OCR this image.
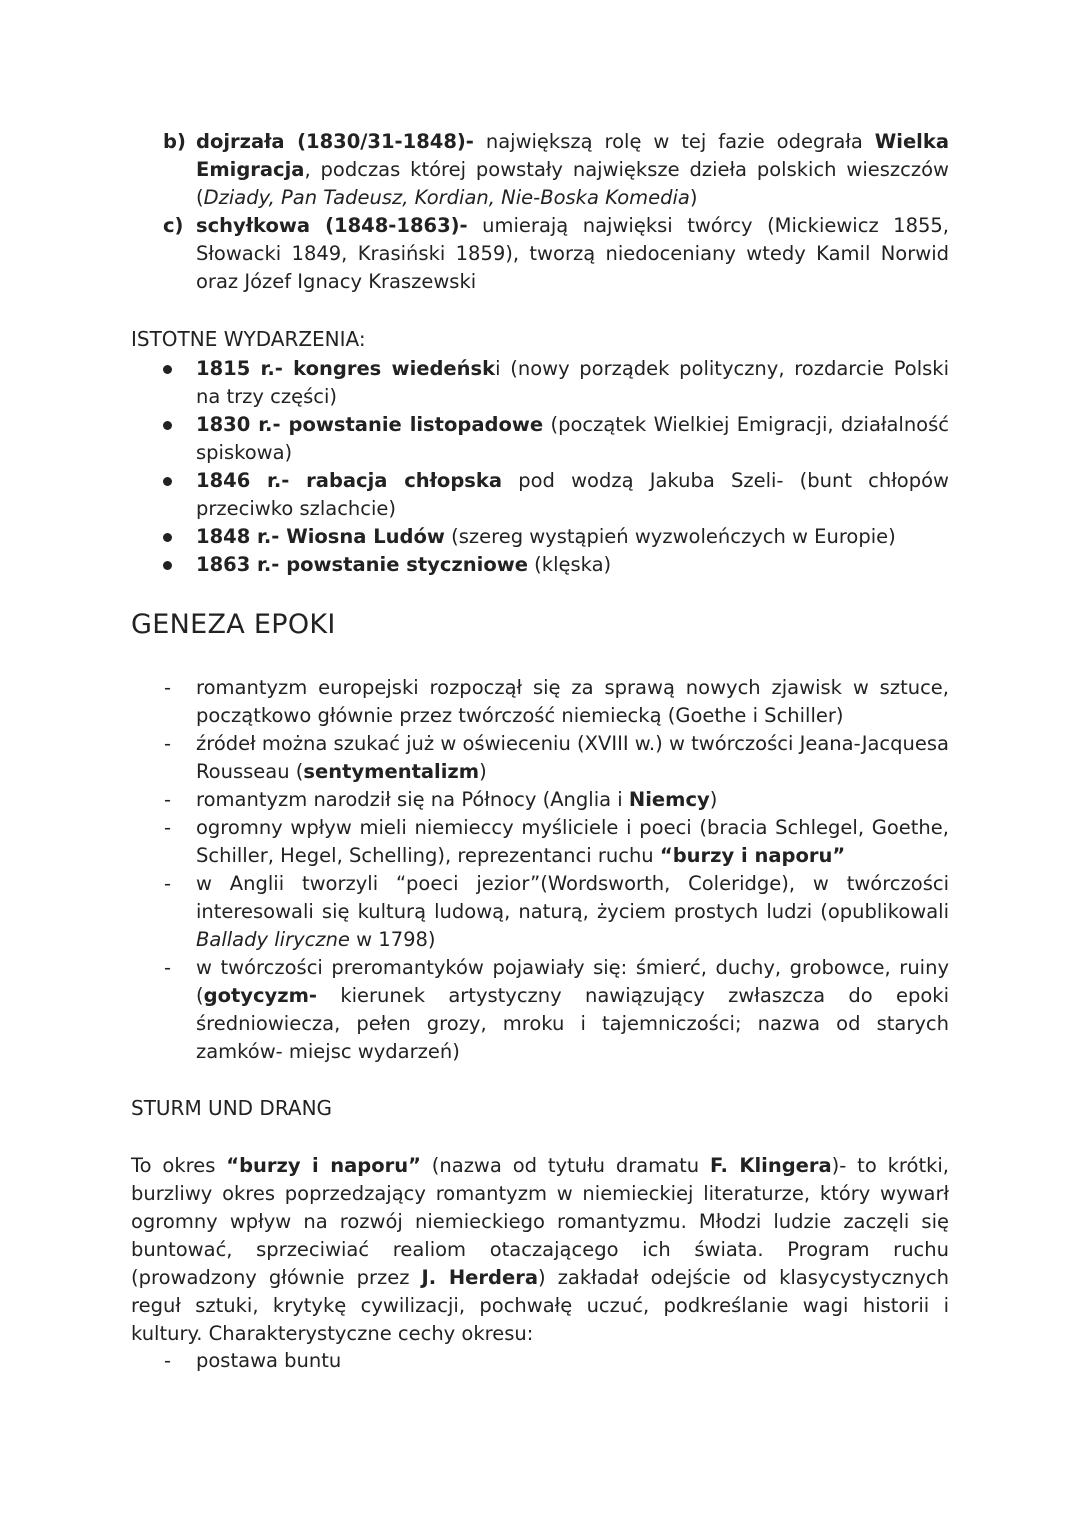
b) dojrzała (1830/31-1848)- największą rolę w tej fazie odegrała Wielka Emigracja, podczas której powstały największe dzieła polskich wieszczów (Dziady, Pan Tadeusz, Kordian, Nie-Boska Komedia)

c) schyłkowa (1848-1863)- umierają najwięksi twórcy (Mickiewicz 1855, Słowacki 1849, Krasiński 1859), tworzą niedoceniany wtedy Kamil Norwid oraz Józef Ignacy Kraszewski

ISTOTNE WYDARZENIA:

1815 r.- kongres wiedeński (nowy porządek polityczny, rozdarcie Polski na trzy części)

1830 r.- powstanie listopadowe (początek Wielkiej Emigracji, działalność spiskowa)

1846 r.- rabacja chłopska pod wodzą Jakuba Szeli- (bunt chłopów przeciwko szlachcie)

1848 r.- Wiosna Ludów (szereg wystąpień wyzwoleńczych w Europie)

1863 r.- powstanie styczniowe (klęska)

GENEZA EPOKI
- romantyzm europejski rozpoczął się za sprawą nowych zjawisk w sztuce, początkowo głównie przez twórczość niemiecką (Goethe i Schiller)

- źródeł można szukać już w oświeceniu (XVIII w.) w twórczości Jeana-Jacquesa Rousseau (sentymentalizm)

- romantyzm narodził się na Północy (Anglia i Niemcy)

- ogromny wpływ mieli niemieccy myśliciele i poeci (bracia Schlegel, Goethe, Schiller, Hegel, Schelling), reprezentanci ruchu “burzy i naporu”

- w Anglii tworzyli “poeci jezior”(Wordsworth, Coleridge), w twórczości interesowali się kulturą ludową, naturą, życiem prostych ludzi (opublikowali Ballady liryczne w 1798)

- w twórczości preromantyków pojawiały się: śmierć, duchy, grobowce, ruiny (gotycyzm- kierunek artystyczny nawiązujący zwłaszcza do epoki średniowiecza, pełen grozy, mroku i tajemniczości; nazwa od starych zamków- miejsc wydarzeń)

STURM UND DRANG

To okres “burzy i naporu” (nazwa od tytułu dramatu F. Klingera)- to krótki, burzliwy okres poprzedzający romantyzm w niemieckiej literaturze, który wywarł ogromny wpływ na rozwój niemieckiego romantyzmu. Młodzi ludzie zaczęli się buntować, sprzeciwiać realiom otaczającego ich świata. Program ruchu (prowadzony głównie przez J. Herdera) zakładał odejście od klasycystycznych reguł sztuki, krytykę cywilizacji, pochwałę uczuć, podkreślanie wagi historii i kultury. Charakterystyczne cechy okresu:

- postawa buntu
